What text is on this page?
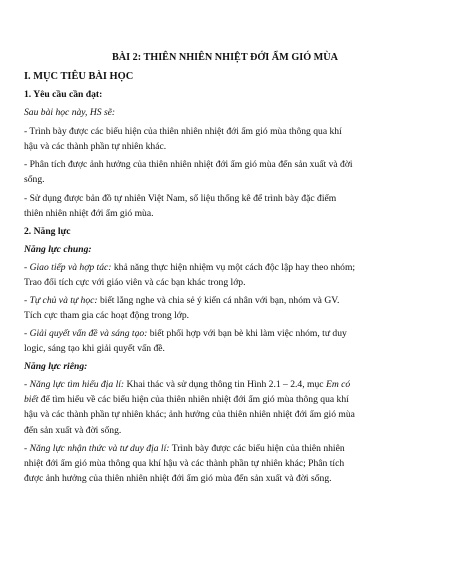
BÀI 2: THIÊN NHIÊN NHIỆT ĐỚI ẨM GIÓ MÙA

I. MỤC TIÊU BÀI HỌC

1. Yêu cầu cần đạt:

Sau bài học này, HS sẽ:

- Trình bày được các biểu hiện của thiên nhiên nhiệt đới ẩm gió mùa thông qua khí

hậu và các thành phần tự nhiên khác.

- Phân tích được ảnh hưởng của thiên nhiên nhiệt đới ẩm gió mùa đến sản xuất và đời

sống.

- Sử dụng được bản đồ tự nhiên Việt Nam, số liệu thống kê để trình bày đặc điểm

thiên nhiên nhiệt đới ẩm gió mùa.

2. Năng lực

Năng lực chung:

- Giao tiếp và hợp tác: khả năng thực hiện nhiệm vụ một cách độc lập hay theo nhóm;

Trao đổi tích cực với giáo viên và các bạn khác trong lớp.

- Tự chủ và tự học: biết lắng nghe và chia sẻ ý kiến cá nhân với bạn, nhóm và GV.

Tích cực tham gia các hoạt động trong lớp.

- Giải quyết vấn đề và sáng tạo: biết phối hợp với bạn bè khi làm việc nhóm, tư duy

logic, sáng tạo khi giải quyết vấn đề.

Năng lực riêng:

- Năng lực tìm hiểu địa lí: Khai thác và sử dụng thông tin Hình 2.1 – 2.4, mục Em có

biết để tìm hiểu về các biểu hiện của thiên nhiên nhiệt đới ẩm gió mùa thông qua khí

hậu và các thành phần tự nhiên khác; ảnh hưởng của thiên nhiên nhiệt đới ẩm gió mùa

đến sản xuất và đời sống.

- Năng lực nhận thức và tư duy địa lí: Trình bày được các biểu hiện của thiên nhiên

nhiệt đới ẩm gió mùa thông qua khí hậu và các thành phần tự nhiên khác; Phân tích

được ảnh hưởng của thiên nhiên nhiệt đới ẩm gió mùa đến sản xuất và đời sống.
